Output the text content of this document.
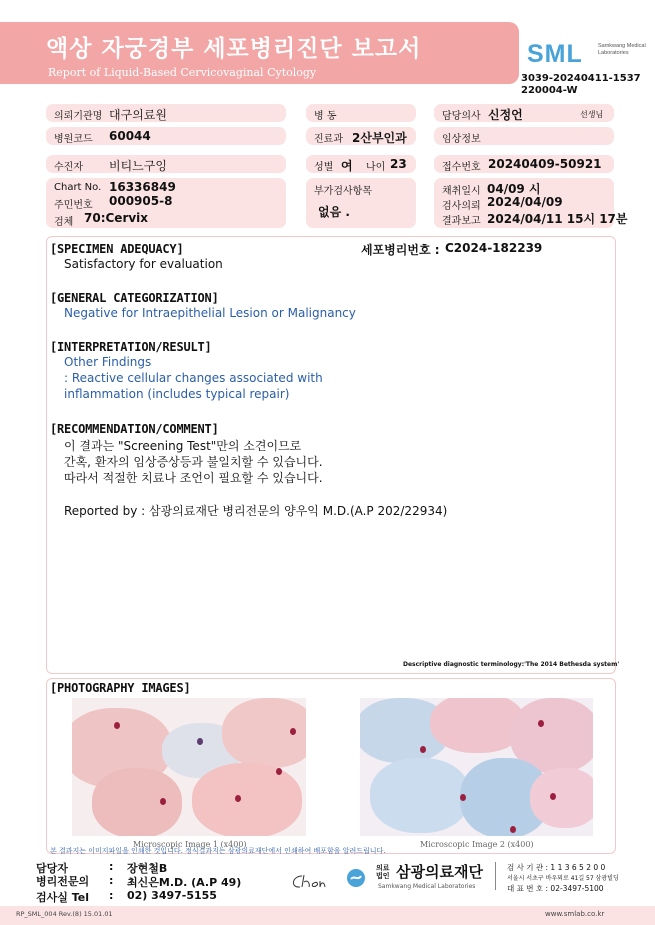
액상 자궁경부 세포병리진단 보고서
Report of Liquid-Based Cervicovaginal Cytology
SML	Samkwang Medical Laboratories
3039-20240411-1537
220004-W
의뢰기관명 대구의료원	병 동	담당의사 신정언	선생님
병원코드 60044	진료과 2산부인과	임상정보
수진자 비티느구잉	성별 여 나이 23	접수번호 20240409-50921
Chart No. 16336849
주민번호 000905-8
검체 70:Cervix
부가검사항목
없음 .
채취일시 04/09 시
검사의뢰 2024/04/09
결과보고 2024/04/11 15시 17분
[SPECIMEN ADEQUACY]	세포병리번호 : C2024-182239
Satisfactory for evaluation
[GENERAL CATEGORIZATION]
Negative for Intraepithelial Lesion or Malignancy
[INTERPRETATION/RESULT]
Other Findings
: Reactive cellular changes associated with
inflammation (includes typical repair)
[RECOMMENDATION/COMMENT]
이 결과는 "Screening Test"만의 소견이므로
간혹, 환자의 임상증상등과 불일치할 수 있습니다.
따라서 적절한 치료나 조언이 필요할 수 있습니다.
Reported by : 삼광의료재단 병리전문의 양우익 M.D.(A.P 202/22934)
Descriptive diagnostic terminology:'The 2014 Bethesda system'
[PHOTOGRAPHY IMAGES]
Microscopic Image 1 (x400)	Microscopic Image 2 (x400)
본 결과지는 이미지파일을 인쇄한 것입니다. 정식결과지는 삼광의료재단에서 인쇄하여 배포함을 알려드립니다.
담당자	: 장현철B
병리전문의 : 최신은M.D. (A.P 49)
검사실 Tel : 02) 3497-5155
의료법인 삼광의료재단
Samkwang Medical Laboratories
검 사 기 관 : 1 1 3 6 5 2 0 0
서울시 서초구 바우뫼로 41길 57 삼광빌딩
대 표 번 호 : 02-3497-5100
RP_SML_004 Rev.(8) 15.01.01	www.smlab.co.kr
